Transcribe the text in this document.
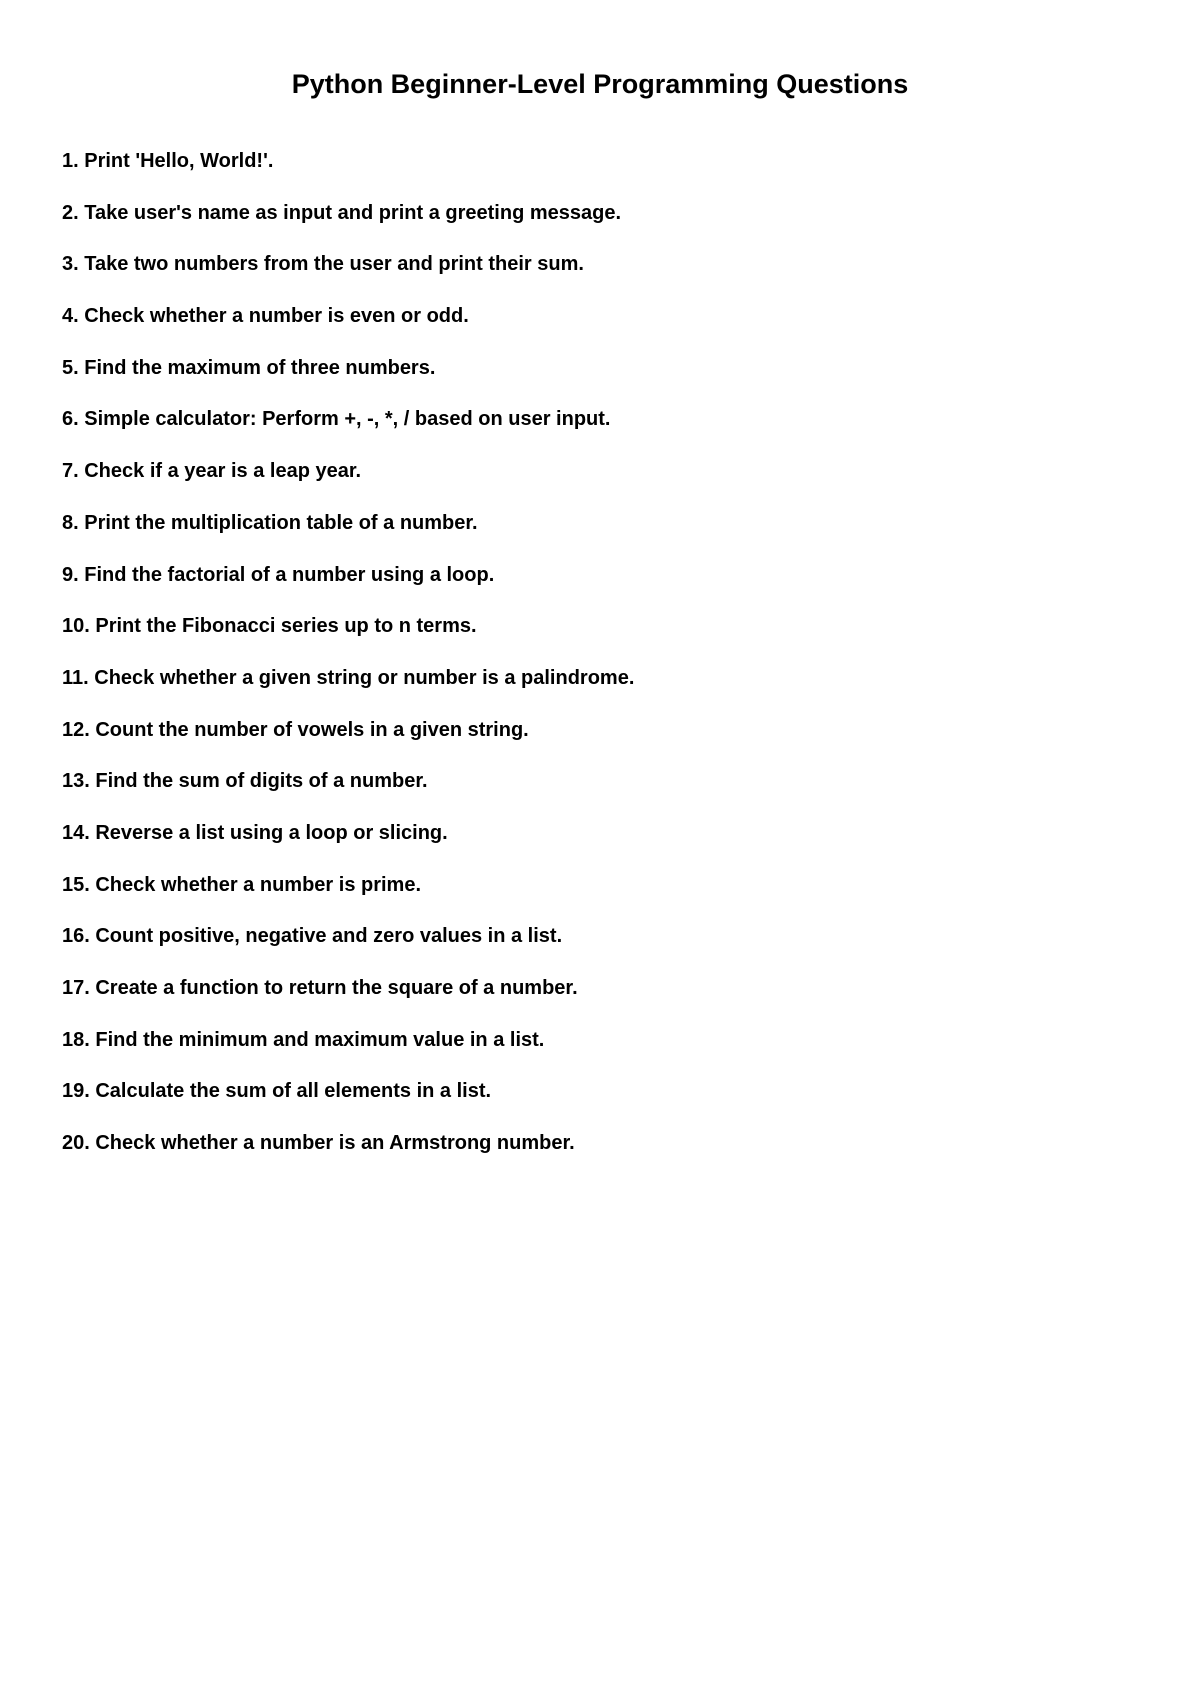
Python Beginner-Level Programming Questions
1. Print 'Hello, World!'.
2. Take user's name as input and print a greeting message.
3. Take two numbers from the user and print their sum.
4. Check whether a number is even or odd.
5. Find the maximum of three numbers.
6. Simple calculator: Perform +, -, *, / based on user input.
7. Check if a year is a leap year.
8. Print the multiplication table of a number.
9. Find the factorial of a number using a loop.
10. Print the Fibonacci series up to n terms.
11. Check whether a given string or number is a palindrome.
12. Count the number of vowels in a given string.
13. Find the sum of digits of a number.
14. Reverse a list using a loop or slicing.
15. Check whether a number is prime.
16. Count positive, negative and zero values in a list.
17. Create a function to return the square of a number.
18. Find the minimum and maximum value in a list.
19. Calculate the sum of all elements in a list.
20. Check whether a number is an Armstrong number.
